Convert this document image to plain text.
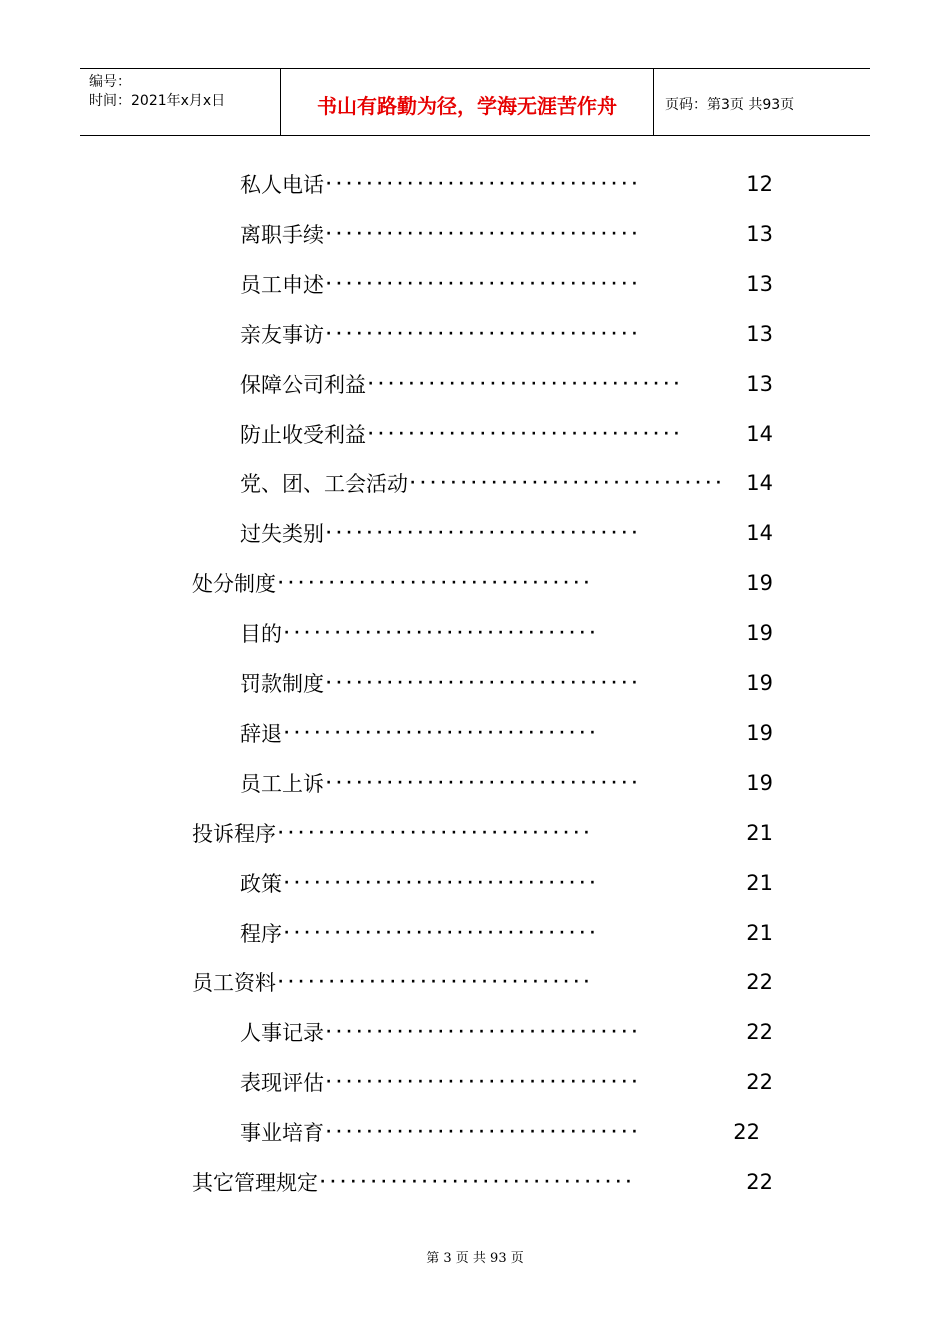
编号：
时间：2021年x月x日	书山有路勤为径，学海无涯苦作舟	页码：第3页 共93页
私人电话 · · · · · · · · · · · · · · · · · · · · · · · · · · · · · · ·	12
离职手续 · · · · · · · · · · · · · · · · · · · · · · · · · · · · · · ·	13
员工申述 · · · · · · · · · · · · · · · · · · · · · · · · · · · · · · ·	13
亲友事访 · · · · · · · · · · · · · · · · · · · · · · · · · · · · · · ·	13
保障公司利益 · · · · · · · · · · · · · · · · · · · · · · · · · · · · · · ·	13
防止收受利益 · · · · · · · · · · · · · · · · · · · · · · · · · · · · · · ·	14
党、团、工会活动 · · · · · · · · · · · · · · · · · · · · · · · · · · · · · · ·	14
过失类别 · · · · · · · · · · · · · · · · · · · · · · · · · · · · · · ·	14
处分制度 · · · · · · · · · · · · · · · · · · · · · · · · · · · · · · ·	19
目的 · · · · · · · · · · · · · · · · · · · · · · · · · · · · · · ·	19
罚款制度 · · · · · · · · · · · · · · · · · · · · · · · · · · · · · · ·	19
辞退 · · · · · · · · · · · · · · · · · · · · · · · · · · · · · · ·	19
员工上诉 · · · · · · · · · · · · · · · · · · · · · · · · · · · · · · ·	19
投诉程序 · · · · · · · · · · · · · · · · · · · · · · · · · · · · · · ·	21
政策 · · · · · · · · · · · · · · · · · · · · · · · · · · · · · · ·	21
程序 · · · · · · · · · · · · · · · · · · · · · · · · · · · · · · ·	21
员工资料 · · · · · · · · · · · · · · · · · · · · · · · · · · · · · · ·	22
人事记录 · · · · · · · · · · · · · · · · · · · · · · · · · · · · · · ·	22
表现评估 · · · · · · · · · · · · · · · · · · · · · · · · · · · · · · ·	22
事业培育 · · · · · · · · · · · · · · · · · · · · · · · · · · · · · · ·	22
其它管理规定 · · · · · · · · · · · · · · · · · · · · · · · · · · · · · · ·	22
第 3 页 共 93 页
